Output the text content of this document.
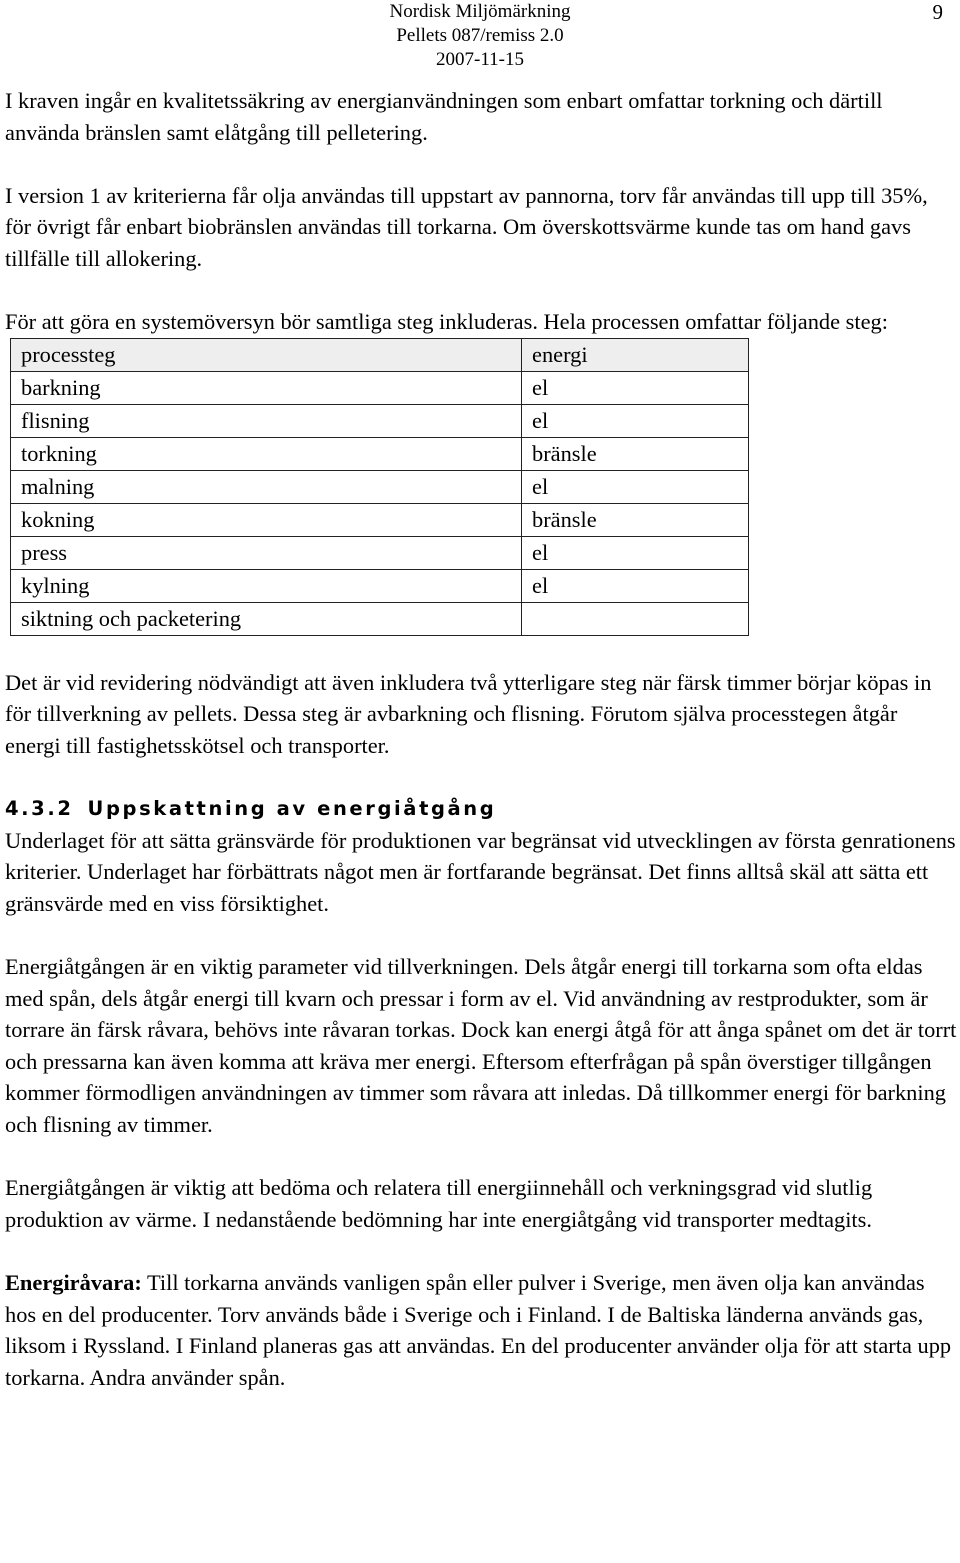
Nordisk Miljömärkning
Pellets 087/remiss 2.0
2007-11-15
9

I kraven ingår en kvalitetssäkring av energianvändningen som enbart omfattar torkning och därtill använda bränslen samt elåtgång till pelletering.

I version 1 av kriterierna får olja användas till uppstart av pannorna, torv får användas till upp till 35%, för övrigt får enbart biobränslen användas till torkarna. Om överskottsvärme kunde tas om hand gavs tillfälle till allokering.

För att göra en systemöversyn bör samtliga steg inkluderas. Hela processen omfattar följande steg:

processteg	energi
barkning	el
flisning	el
torkning	bränsle
malning	el
kokning	bränsle
press	el
kylning	el
siktning och packetering	

Det är vid revidering nödvändigt att även inkludera två ytterligare steg när färsk timmer börjar köpas in för tillverkning av pellets. Dessa steg är avbarkning och flisning. Förutom själva processtegen åtgår energi till fastighetsskötsel och transporter.

4.3.2 Uppskattning av energiåtgång

Underlaget för att sätta gränsvärde för produktionen var begränsat vid utvecklingen av första genrationens kriterier. Underlaget har förbättrats något men är fortfarande begränsat. Det finns alltså skäl att sätta ett gränsvärde med en viss försiktighet.

Energiåtgången är en viktig parameter vid tillverkningen. Dels åtgår energi till torkarna som ofta eldas med spån, dels åtgår energi till kvarn och pressar i form av el. Vid användning av restprodukter, som är torrare än färsk råvara, behövs inte råvaran torkas. Dock kan energi åtgå för att ånga spånet om det är torrt och pressarna kan även komma att kräva mer energi. Eftersom efterfrågan på spån överstiger tillgången kommer förmodligen användningen av timmer som råvara att inledas. Då tillkommer energi för barkning och flisning av timmer.

Energiåtgången är viktig att bedöma och relatera till energiinnehåll och verkningsgrad vid slutlig produktion av värme. I nedanstående bedömning har inte energiåtgång vid transporter medtagits.

Energiråvara: Till torkarna används vanligen spån eller pulver i Sverige, men även olja kan användas hos en del producenter. Torv används både i Sverige och i Finland. I de Baltiska länderna används gas, liksom i Ryssland. I Finland planeras gas att användas. En del producenter använder olja för att starta upp torkarna. Andra använder spån.
